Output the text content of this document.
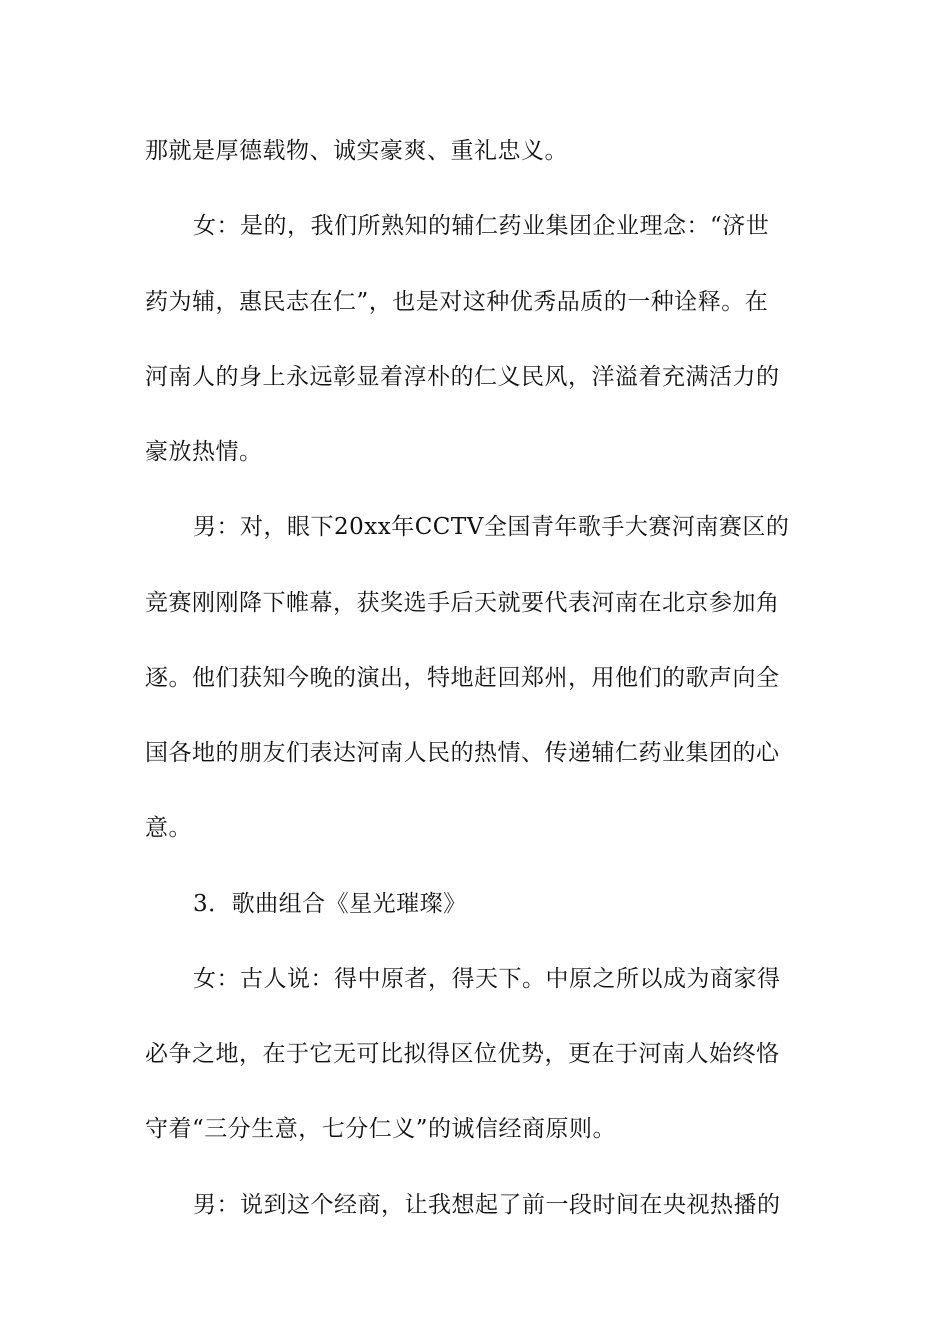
那就是厚德载物、诚实豪爽、重礼忠义。
女：是的，我们所熟知的辅仁药业集团企业理念：“济世
药为辅，惠民志在仁”，也是对这种优秀品质的一种诠释。在
河南人的身上永远彰显着淳朴的仁义民风，洋溢着充满活力的
豪放热情。
男：对，眼下20xx年CCTV全国青年歌手大赛河南赛区的
竞赛刚刚降下帷幕，获奖选手后天就要代表河南在北京参加角
逐。他们获知今晚的演出，特地赶回郑州，用他们的歌声向全
国各地的朋友们表达河南人民的热情、传递辅仁药业集团的心
意。
3．歌曲组合《星光璀璨》
女：古人说：得中原者，得天下。中原之所以成为商家得
必争之地，在于它无可比拟得区位优势，更在于河南人始终恪
守着“三分生意，七分仁义”的诚信经商原则。
男：说到这个经商，让我想起了前一段时间在央视热播的
